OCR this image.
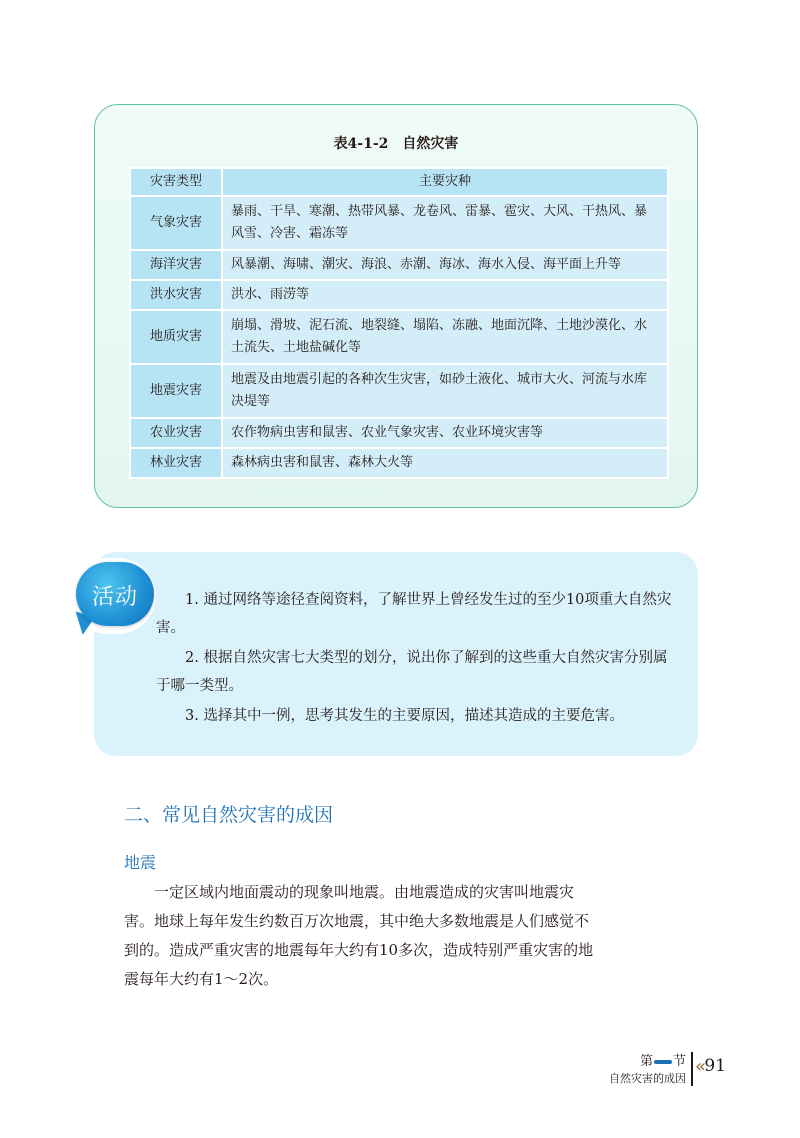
表4-1-2　自然灾害
灾害类型	主要灾种
气象灾害	暴雨、干旱、寒潮、热带风暴、龙卷风、雷暴、雹灾、大风、干热风、暴风雪、冷害、霜冻等
海洋灾害	风暴潮、海啸、潮灾、海浪、赤潮、海冰、海水入侵、海平面上升等
洪水灾害	洪水、雨涝等
地质灾害	崩塌、滑坡、泥石流、地裂缝、塌陷、冻融、地面沉降、土地沙漠化、水土流失、土地盐碱化等
地震灾害	地震及由地震引起的各种次生灾害，如砂土液化、城市大火、河流与水库决堤等
农业灾害	农作物病虫害和鼠害、农业气象灾害、农业环境灾害等
林业灾害	森林病虫害和鼠害、森林大火等
活动	1. 通过网络等途径查阅资料，了解世界上曾经发生过的至少10项重大自然灾害。

2. 根据自然灾害七大类型的划分，说出你了解到的这些重大自然灾害分别属于哪一类型。

3. 选择其中一例，思考其发生的主要原因，描述其造成的主要危害。

二、常见自然灾害的成因
地震

一定区域内地面震动的现象叫地震。由地震造成的灾害叫地震灾害。地球上每年发生约数百万次地震，其中绝大多数地震是人们感觉不到的。造成严重灾害的地震每年大约有10多次，造成特别严重灾害的地震每年大约有1～2次。

第 节
自然灾害的成因
«
91
